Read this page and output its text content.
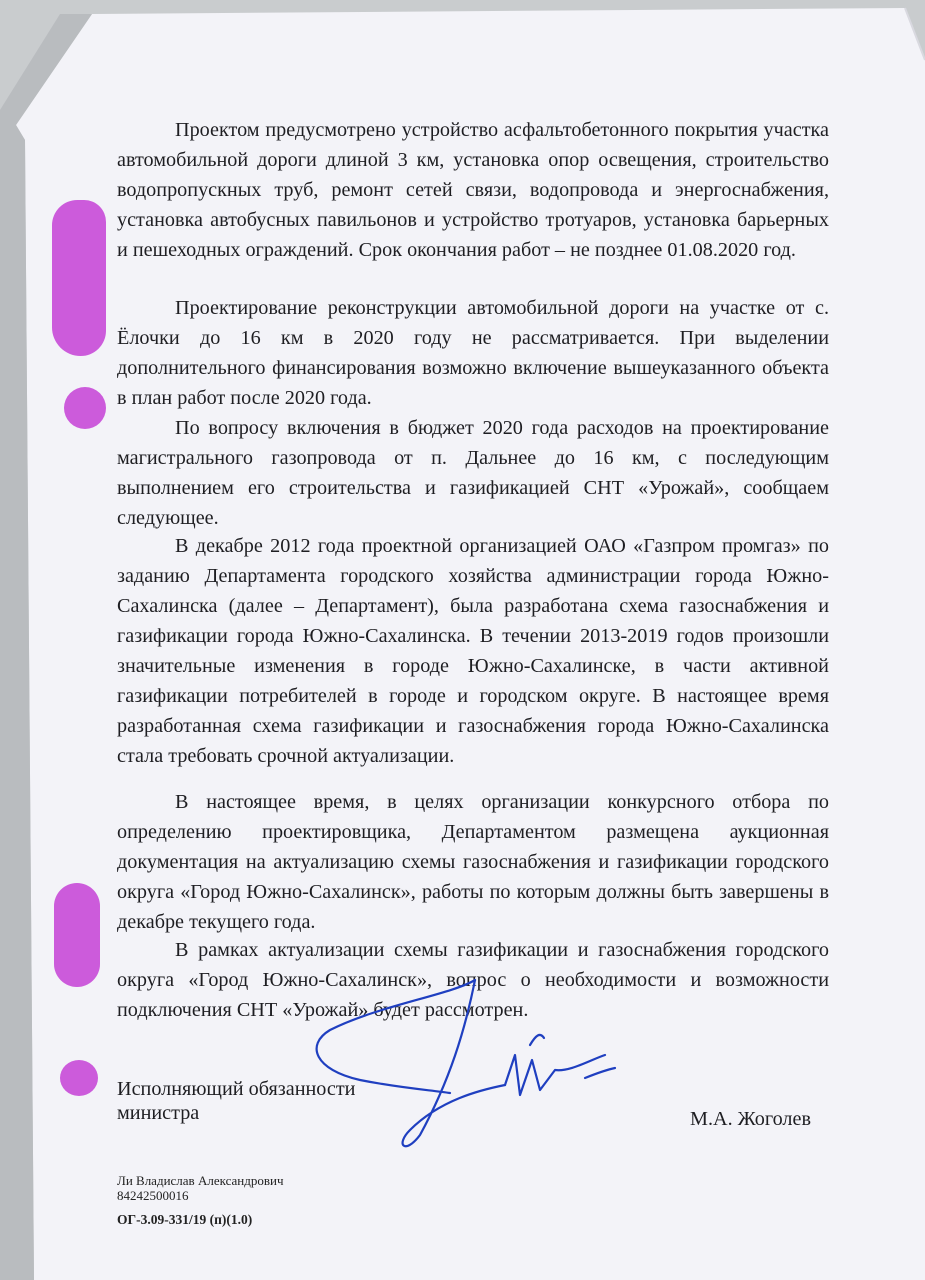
Проектом предусмотрено устройство асфальтобетонного покрытия участка автомобильной дороги длиной 3 км, установка опор освещения, строительство водопропускных труб, ремонт сетей связи, водопровода и энергоснабжения, установка автобусных павильонов и устройство тротуаров, установка барьерных и пешеходных ограждений. Срок окончания работ – не позднее 01.08.2020 год.

Проектирование реконструкции автомобильной дороги на участке от с. Ёлочки до 16 км в 2020 году не рассматривается. При выделении дополнительного финансирования возможно включение вышеуказанного объекта в план работ после 2020 года.

По вопросу включения в бюджет 2020 года расходов на проектирование магистрального газопровода от п. Дальнее до 16 км, с последующим выполнением его строительства и газификацией СНТ «Урожай», сообщаем следующее.

В декабре 2012 года проектной организацией ОАО «Газпром промгаз» по заданию Департамента городского хозяйства администрации города Южно-Сахалинска (далее – Департамент), была разработана схема газоснабжения и газификации города Южно-Сахалинска. В течении 2013-2019 годов произошли значительные изменения в городе Южно-Сахалинске, в части активной газификации потребителей в городе и городском округе. В настоящее время разработанная схема газификации и газоснабжения города Южно-Сахалинска стала требовать срочной актуализации.

В настоящее время, в целях организации конкурсного отбора по определению проектировщика, Департаментом размещена аукционная документация на актуализацию схемы газоснабжения и газификации городского округа «Город Южно-Сахалинск», работы по которым должны быть завершены в декабре текущего года.

В рамках актуализации схемы газификации и газоснабжения городского округа «Город Южно-Сахалинск», вопрос о необходимости и возможности подключения СНТ «Урожай» будет рассмотрен.

Исполняющий обязанности министра	М.А. Жоголев
Ли Владислав Александрович
84242500016
ОГ-3.09-331/19 (п)(1.0)
